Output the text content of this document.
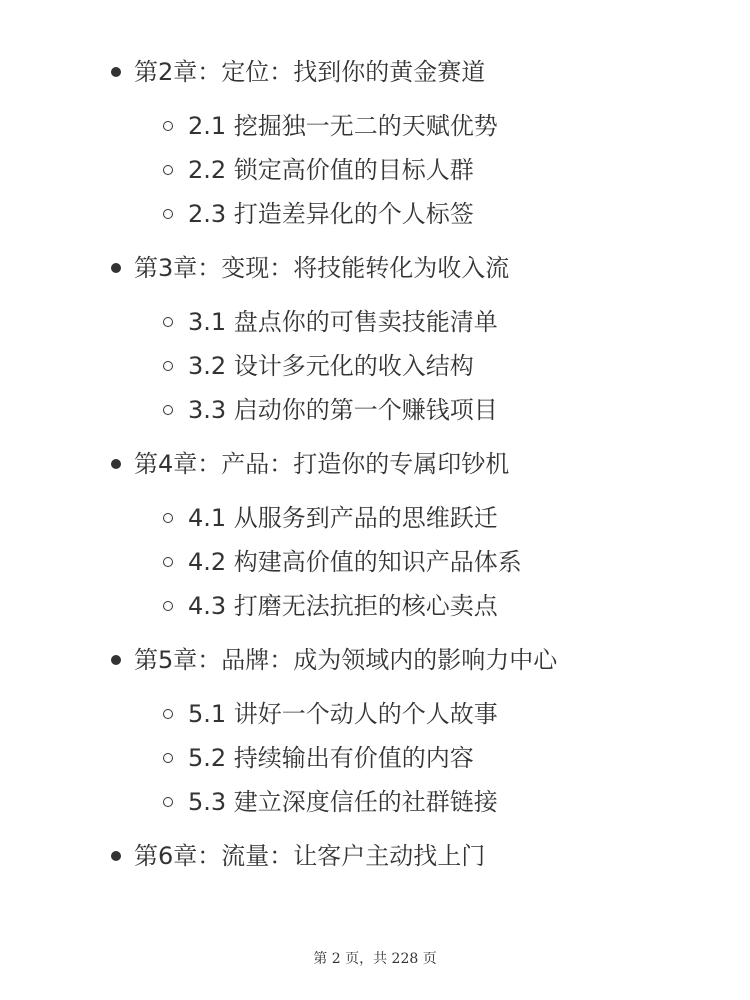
第2章：定位：找到你的黄金赛道
2.1 挖掘独一无二的天赋优势
2.2 锁定高价值的目标人群
2.3 打造差异化的个人标签
第3章：变现：将技能转化为收入流
3.1 盘点你的可售卖技能清单
3.2 设计多元化的收入结构
3.3 启动你的第一个赚钱项目
第4章：产品：打造你的专属印钞机
4.1 从服务到产品的思维跃迁
4.2 构建高价值的知识产品体系
4.3 打磨无法抗拒的核心卖点
第5章：品牌：成为领域内的影响力中心
5.1 讲好一个动人的个人故事
5.2 持续输出有价值的内容
5.3 建立深度信任的社群链接
第6章：流量：让客户主动找上门
第 2 页，共 228 页
